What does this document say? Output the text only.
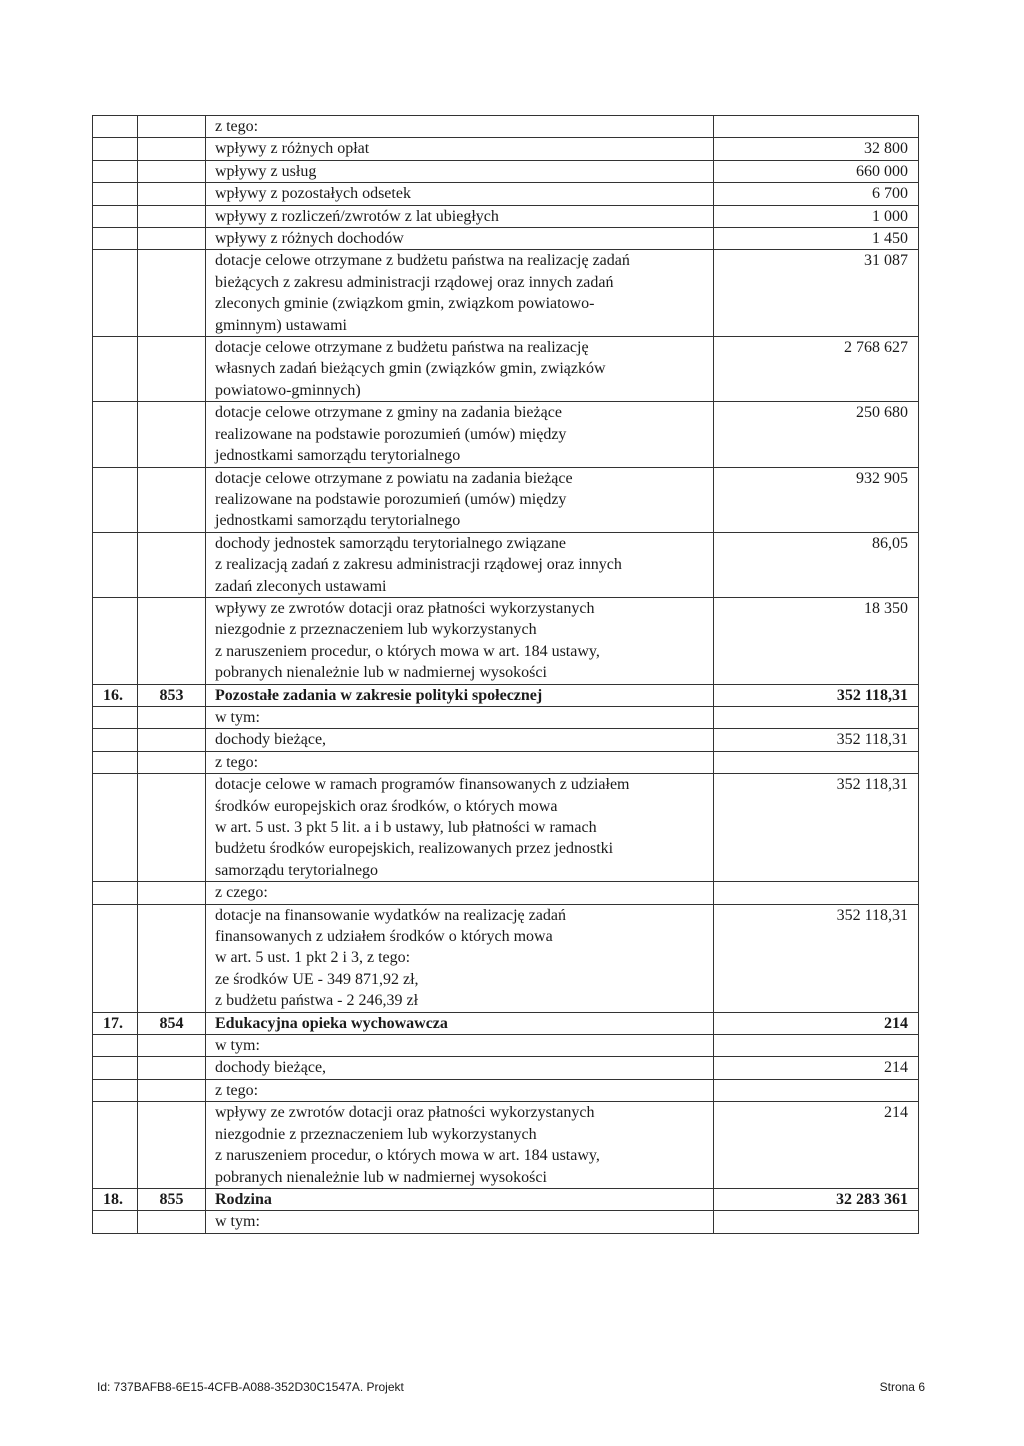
		z tego:	
		wpływy z różnych opłat	32 800
		wpływy z usług	660 000
		wpływy z pozostałych odsetek	6 700
		wpływy z rozliczeń/zwrotów z lat ubiegłych	1 000
		wpływy z różnych dochodów	1 450
		dotacje celowe otrzymane z budżetu państwa na realizację zadań
bieżących z zakresu administracji rządowej oraz innych zadań
zleconych gminie (związkom gmin, związkom powiatowo-
gminnym) ustawami	31 087
		dotacje celowe otrzymane z budżetu państwa na realizację
własnych zadań bieżących gmin (związków gmin, związków
powiatowo-gminnych)	2 768 627
		dotacje celowe otrzymane z gminy na zadania bieżące
realizowane na podstawie porozumień (umów) między
jednostkami samorządu terytorialnego	250 680
		dotacje celowe otrzymane z powiatu na zadania bieżące
realizowane na podstawie porozumień (umów) między
jednostkami samorządu terytorialnego	932 905
		dochody jednostek samorządu terytorialnego związane
z realizacją zadań z zakresu administracji rządowej oraz innych
zadań zleconych ustawami	86,05
		wpływy ze zwrotów dotacji oraz płatności wykorzystanych
niezgodnie z przeznaczeniem lub wykorzystanych
z naruszeniem procedur, o których mowa w art. 184 ustawy,
pobranych nienależnie lub w nadmiernej wysokości	18 350
16.	853	Pozostałe zadania w zakresie polityki społecznej	352 118,31
		w tym:	
		dochody bieżące,	352 118,31
		z tego:	
		dotacje celowe w ramach programów finansowanych z udziałem
środków europejskich oraz środków, o których mowa
w art. 5 ust. 3 pkt 5 lit. a i b ustawy, lub płatności w ramach
budżetu środków europejskich, realizowanych przez jednostki
samorządu terytorialnego	352 118,31
		z czego:	
		dotacje na finansowanie wydatków na realizację zadań
finansowanych z udziałem środków o których mowa
w art. 5 ust. 1 pkt 2 i 3, z tego:
ze środków UE - 349 871,92 zł,
z budżetu państwa - 2 246,39 zł	352 118,31
17.	854	Edukacyjna opieka wychowawcza	214
		w tym:	
		dochody bieżące,	214
		z tego:	
		wpływy ze zwrotów dotacji oraz płatności wykorzystanych
niezgodnie z przeznaczeniem lub wykorzystanych
z naruszeniem procedur, o których mowa w art. 184 ustawy,
pobranych nienależnie lub w nadmiernej wysokości	214
18.	855	Rodzina	32 283 361
		w tym:	
Id: 737BAFB8-6E15-4CFB-A088-352D30C1547A. Projekt	Strona 6
